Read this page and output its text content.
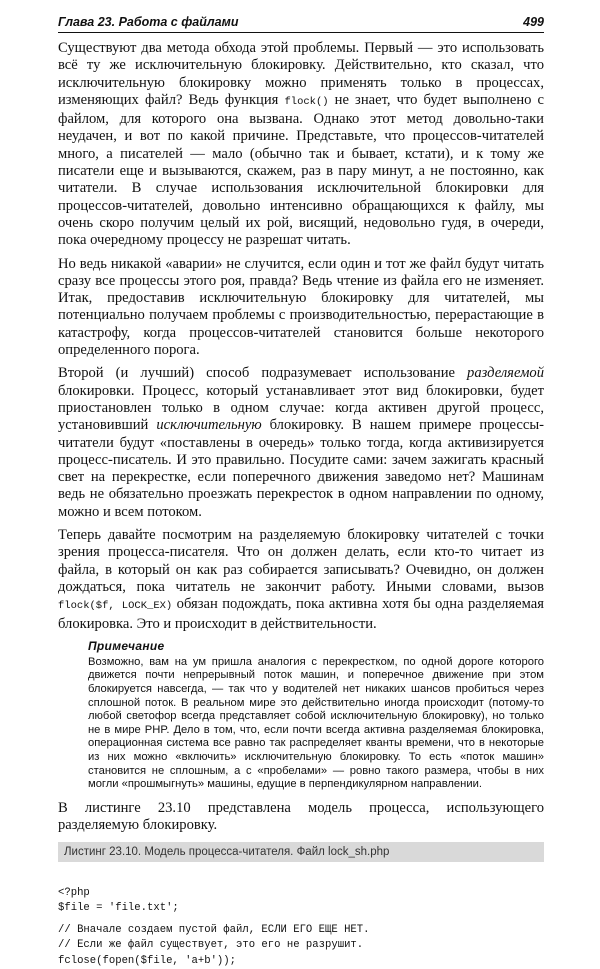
Глава 23. Работа с файлами	499

Существуют два метода обхода этой проблемы. Первый — это использовать всё ту же исключительную блокировку. Действительно, кто сказал, что исключительную блокировку можно применять только в процессах, изменяющих файл? Ведь функция flock() не знает, что будет выполнено с файлом, для которого она вызвана. Однако этот метод довольно-таки неудачен, и вот по какой причине. Представьте, что процессов-читателей много, а писателей — мало (обычно так и бывает, кстати), и к тому же писатели еще и вызываются, скажем, раз в пару минут, а не постоянно, как читатели. В случае использования исключительной блокировки для процессов-читателей, довольно интенсивно обращающихся к файлу, мы очень скоро получим целый их рой, висящий, недовольно гудя, в очереди, пока очередному процессу не разрешат читать.

Но ведь никакой «аварии» не случится, если один и тот же файл будут читать сразу все процессы этого роя, правда? Ведь чтение из файла его не изменяет. Итак, предоставив исключительную блокировку для читателей, мы потенциально получаем проблемы с производительностью, перерастающие в катастрофу, когда процессов-читателей становится больше некоторого определенного порога.

Второй (и лучший) способ подразумевает использование разделяемой блокировки. Процесс, который устанавливает этот вид блокировки, будет приостановлен только в одном случае: когда активен другой процесс, установивший исключительную блокировку. В нашем примере процессы-читатели будут «поставлены в очередь» только тогда, когда активизируется процесс-писатель. И это правильно. Посудите сами: зачем зажигать красный свет на перекрестке, если поперечного движения заведомо нет? Машинам ведь не обязательно проезжать перекресток в одном направлении по одному, можно и всем потоком.

Теперь давайте посмотрим на разделяемую блокировку читателей с точки зрения процесса-писателя. Что он должен делать, если кто-то читает из файла, в который он как раз собирается записывать? Очевидно, он должен дождаться, пока читатель не закончит работу. Иными словами, вызов flock($f, LOCK_EX) обязан подождать, пока активна хотя бы одна разделяемая блокировка. Это и происходит в действительности.

Примечание

Возможно, вам на ум пришла аналогия с перекрестком, по одной дороге которого движется почти непрерывный поток машин, и поперечное движение при этом блокируется навсегда, — так что у водителей нет никаких шансов пробиться через сплошной поток. В реальном мире это действительно иногда происходит (потому-то любой светофор всегда представляет собой исключительную блокировку), но только не в мире PHP. Дело в том, что, если почти всегда активна разделяемая блокировка, операционная система все равно так распределяет кванты времени, что в некоторые из них можно «включить» исключительную блокировку. То есть «поток машин» становится не сплошным, а с «пробелами» — ровно такого размера, чтобы в них могли «прошмыгнуть» машины, едущие в перпендикулярном направлении.

В листинге 23.10 представлена модель процесса, использующего разделяемую блокировку.

Листинг 23.10. Модель процесса-читателя. Файл lock_sh.php

<?php
$file = 'file.txt';
// Вначале создаем пустой файл, ЕСЛИ ЕГО ЕЩЕ НЕТ.
// Если же файл существует, это его не разрушит.
fclose(fopen($file, 'a+b'));
